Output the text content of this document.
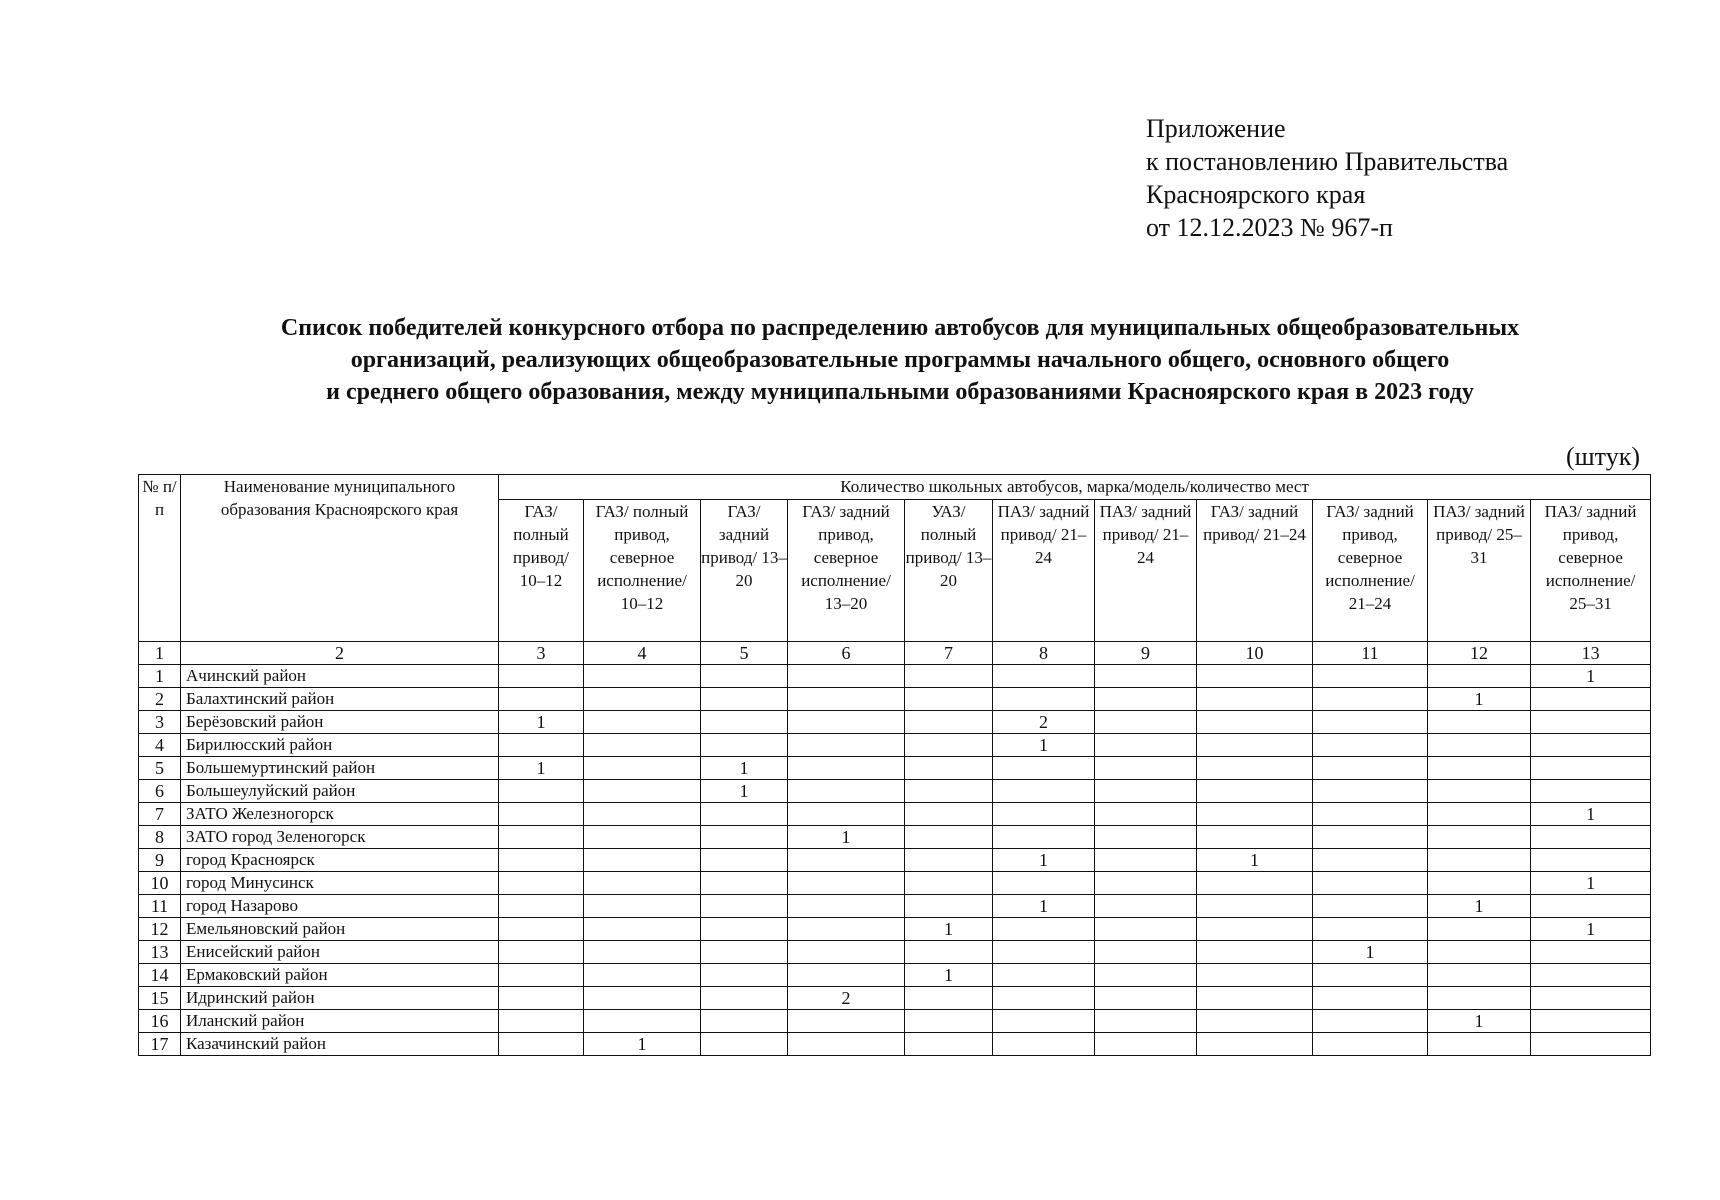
Приложение
к постановлению Правительства
Красноярского края
от 12.12.2023 № 967-п
Список победителей конкурсного отбора по распределению автобусов для муниципальных общеобразовательных
организаций, реализующих общеобразовательные программы начального общего, основного общего
и среднего общего образования, между муниципальными образованиями Красноярского края в 2023 году
(штук)
№ п/п	Наименование муниципального образования Красноярского края	Количество школьных автобусов, марка/модель/количество мест										
		ГАЗ/ полный привод/ 10–12	ГАЗ/ полный привод, северное исполнение/ 10–12	ГАЗ/ задний привод/ 13–20	ГАЗ/ задний привод, северное исполнение/ 13–20	УАЗ/ полный привод/ 13–20	ПАЗ/ задний привод/ 21–24	ПАЗ/ задний привод/ 21–24	ГАЗ/ задний привод/ 21–24	ГАЗ/ задний привод, северное исполнение/ 21–24	ПАЗ/ задний привод/ 25–31	ПАЗ/ задний привод, северное исполнение/ 25–31
1	2	3	4	5	6	7	8	9	10	11	12	13
1	Ачинский район											1
2	Балахтинский район										1	
3	Берёзовский район	1					2					
4	Бирилюсский район						1					
5	Большемуртинский район	1		1								
6	Большеулуйский район			1								
7	ЗАТО Железногорск											1
8	ЗАТО город Зеленогорск				1							
9	город Красноярск						1		1			
10	город Минусинск											1
11	город Назарово						1				1	
12	Емельяновский район					1						1
13	Енисейский район									1		
14	Ермаковский район					1						
15	Идринский район				2							
16	Иланский район										1	
17	Казачинский район		1									
